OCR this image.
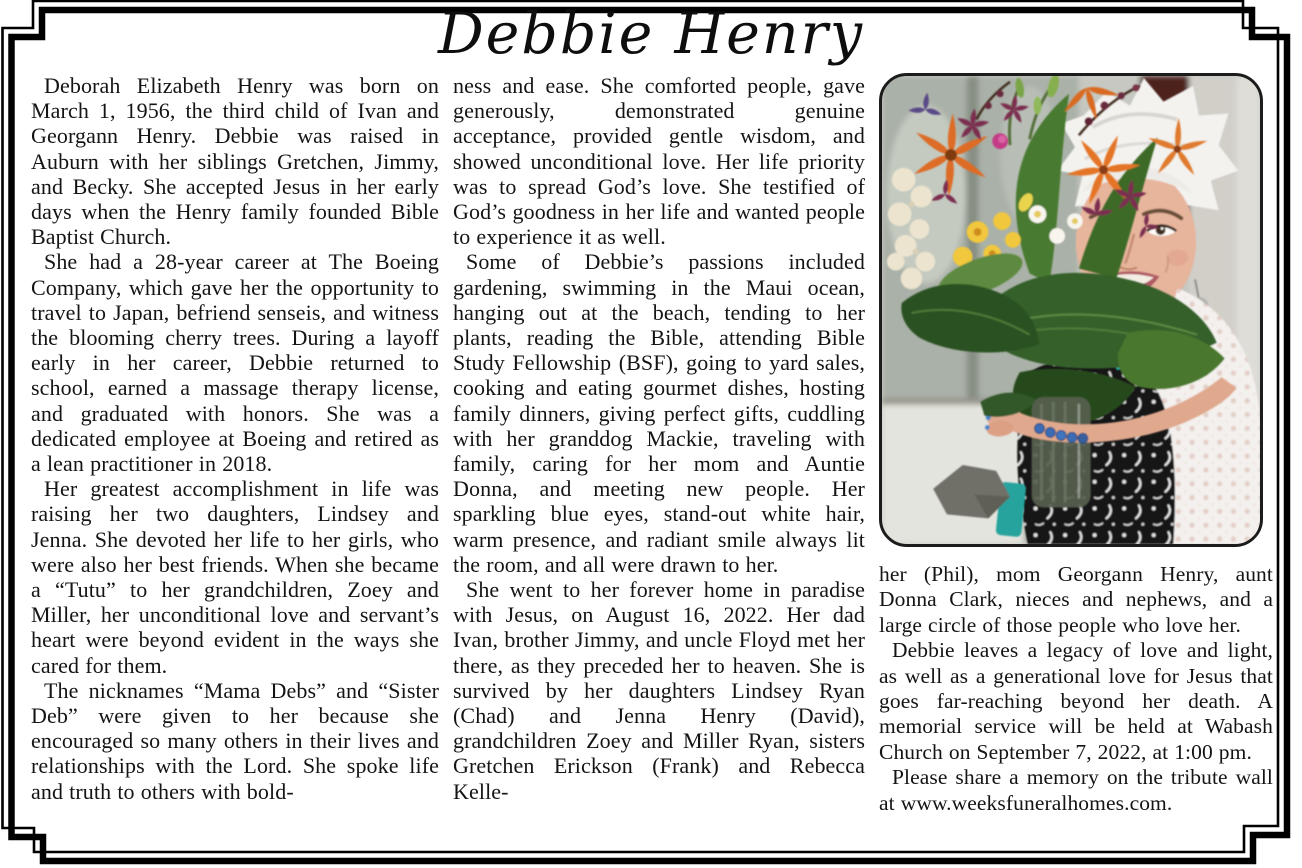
Debbie Henry

Deborah Elizabeth Henry was born on March 1, 1956, the third child of Ivan and Georgann Henry. Debbie was raised in Auburn with her siblings Gretchen, Jimmy, and Becky. She accepted Jesus in her early days when the Henry family founded Bible Baptist Church.

She had a 28-year career at The Boeing Company, which gave her the opportunity to travel to Japan, befriend senseis, and witness the blooming cherry trees. During a layoff early in her career, Debbie returned to school, earned a massage therapy license, and graduated with honors. She was a dedicated employee at Boeing and retired as a lean practitioner in 2018.

Her greatest accomplishment in life was raising her two daughters, Lindsey and Jenna. She devoted her life to her girls, who were also her best friends. When she became a “Tutu” to her grandchildren, Zoey and Miller, her unconditional love and servant’s heart were beyond evident in the ways she cared for them.

The nicknames “Mama Debs” and “Sister Deb” were given to her because she encouraged so many others in their lives and relationships with the Lord. She spoke life and truth to others with bold-

ness and ease. She comforted people, gave generously, demonstrated genuine acceptance, provided gentle wisdom, and showed unconditional love. Her life priority was to spread God’s love. She testified of God’s goodness in her life and wanted people to experience it as well.

Some of Debbie’s passions included gardening, swimming in the Maui ocean, hanging out at the beach, tending to her plants, reading the Bible, attending Bible Study Fellowship (BSF), going to yard sales, cooking and eating gourmet dishes, hosting family dinners, giving perfect gifts, cuddling with her granddog Mackie, traveling with family, caring for her mom and Auntie Donna, and meeting new people. Her sparkling blue eyes, stand-out white hair, warm presence, and radiant smile always lit the room, and all were drawn to her.

She went to her forever home in paradise with Jesus, on August 16, 2022. Her dad Ivan, brother Jimmy, and uncle Floyd met her there, as they preceded her to heaven. She is survived by her daughters Lindsey Ryan (Chad) and Jenna Henry (David), grandchildren Zoey and Miller Ryan, sisters Gretchen Erickson (Frank) and Rebecca Kelle-

her (Phil), mom Georgann Henry, aunt Donna Clark, nieces and nephews, and a large circle of those people who love her.

Debbie leaves a legacy of love and light, as well as a generational love for Jesus that goes far-reaching beyond her death. A memorial service will be held at Wabash Church on September 7, 2022, at 1:00 pm.

Please share a memory on the tribute wall at www.weeksfuneralhomes.com.
